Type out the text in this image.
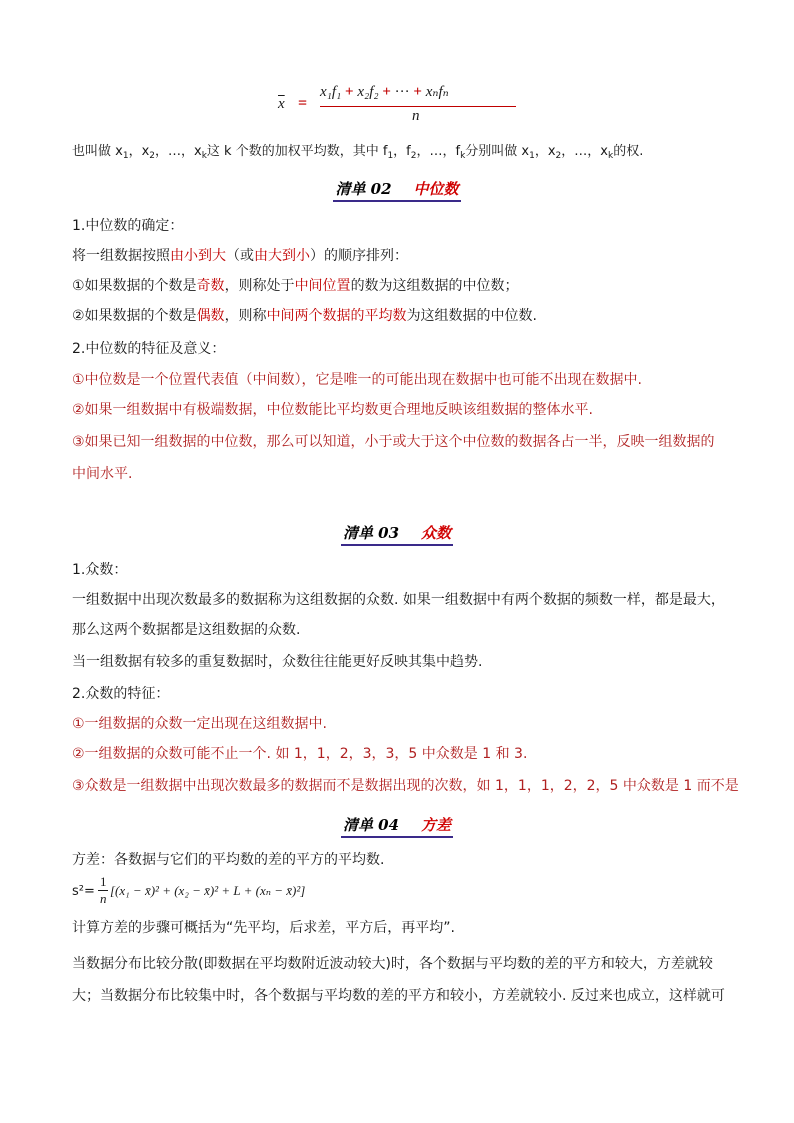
$\overline{x}$ =
x₁f₁ + x₂f₂ + ··· + xₙfₙ
n
也叫做 $x_1$，$x_2$，…，$x_k$这 k 个数的加权平均数，其中 $f_1$，$f_2$，…，$f_k$分别叫做 $x_1$，$x_2$，…，$x_k$的权.
清单 02 中位数
1.中位数的确定：
将一组数据按照由小到大（或由大到小）的顺序排列：
①如果数据的个数是奇数，则称处于中间位置的数为这组数据的中位数；
②如果数据的个数是偶数，则称中间两个数据的平均数为这组数据的中位数.
2.中位数的特征及意义：
①中位数是一个位置代表值（中间数），它是唯一的可能出现在数据中也可能不出现在数据中.
②如果一组数据中有极端数据，中位数能比平均数更合理地反映该组数据的整体水平.
③如果已知一组数据的中位数，那么可以知道，小于或大于这个中位数的数据各占一半，反映一组数据的
中间水平.
清单 03 众数
1.众数：
一组数据中出现次数最多的数据称为这组数据的众数. 如果一组数据中有两个数据的频数一样，都是最大，
那么这两个数据都是这组数据的众数.
当一组数据有较多的重复数据时，众数往往能更好反映其集中趋势.
2.众数的特征：
①一组数据的众数一定出现在这组数据中.
②一组数据的众数可能不止一个. 如 1，1，2，3，3，5 中众数是 1 和 3.
③众数是一组数据中出现次数最多的数据而不是数据出现的次数，如 1，1，1，2，2，5 中众数是 1 而不是
清单 04 方差
方差：各数据与它们的平均数的差的平方的平均数.
s²=
1
n
[(x₁ − x̄)² + (x₂ − x̄)² + L + (xₙ − x̄)²]
计算方差的步骤可概括为“先平均，后求差，平方后，再平均”.
当数据分布比较分散(即数据在平均数附近波动较大)时，各个数据与平均数的差的平方和较大，方差就较
大；当数据分布比较集中时，各个数据与平均数的差的平方和较小，方差就较小. 反过来也成立，这样就可
